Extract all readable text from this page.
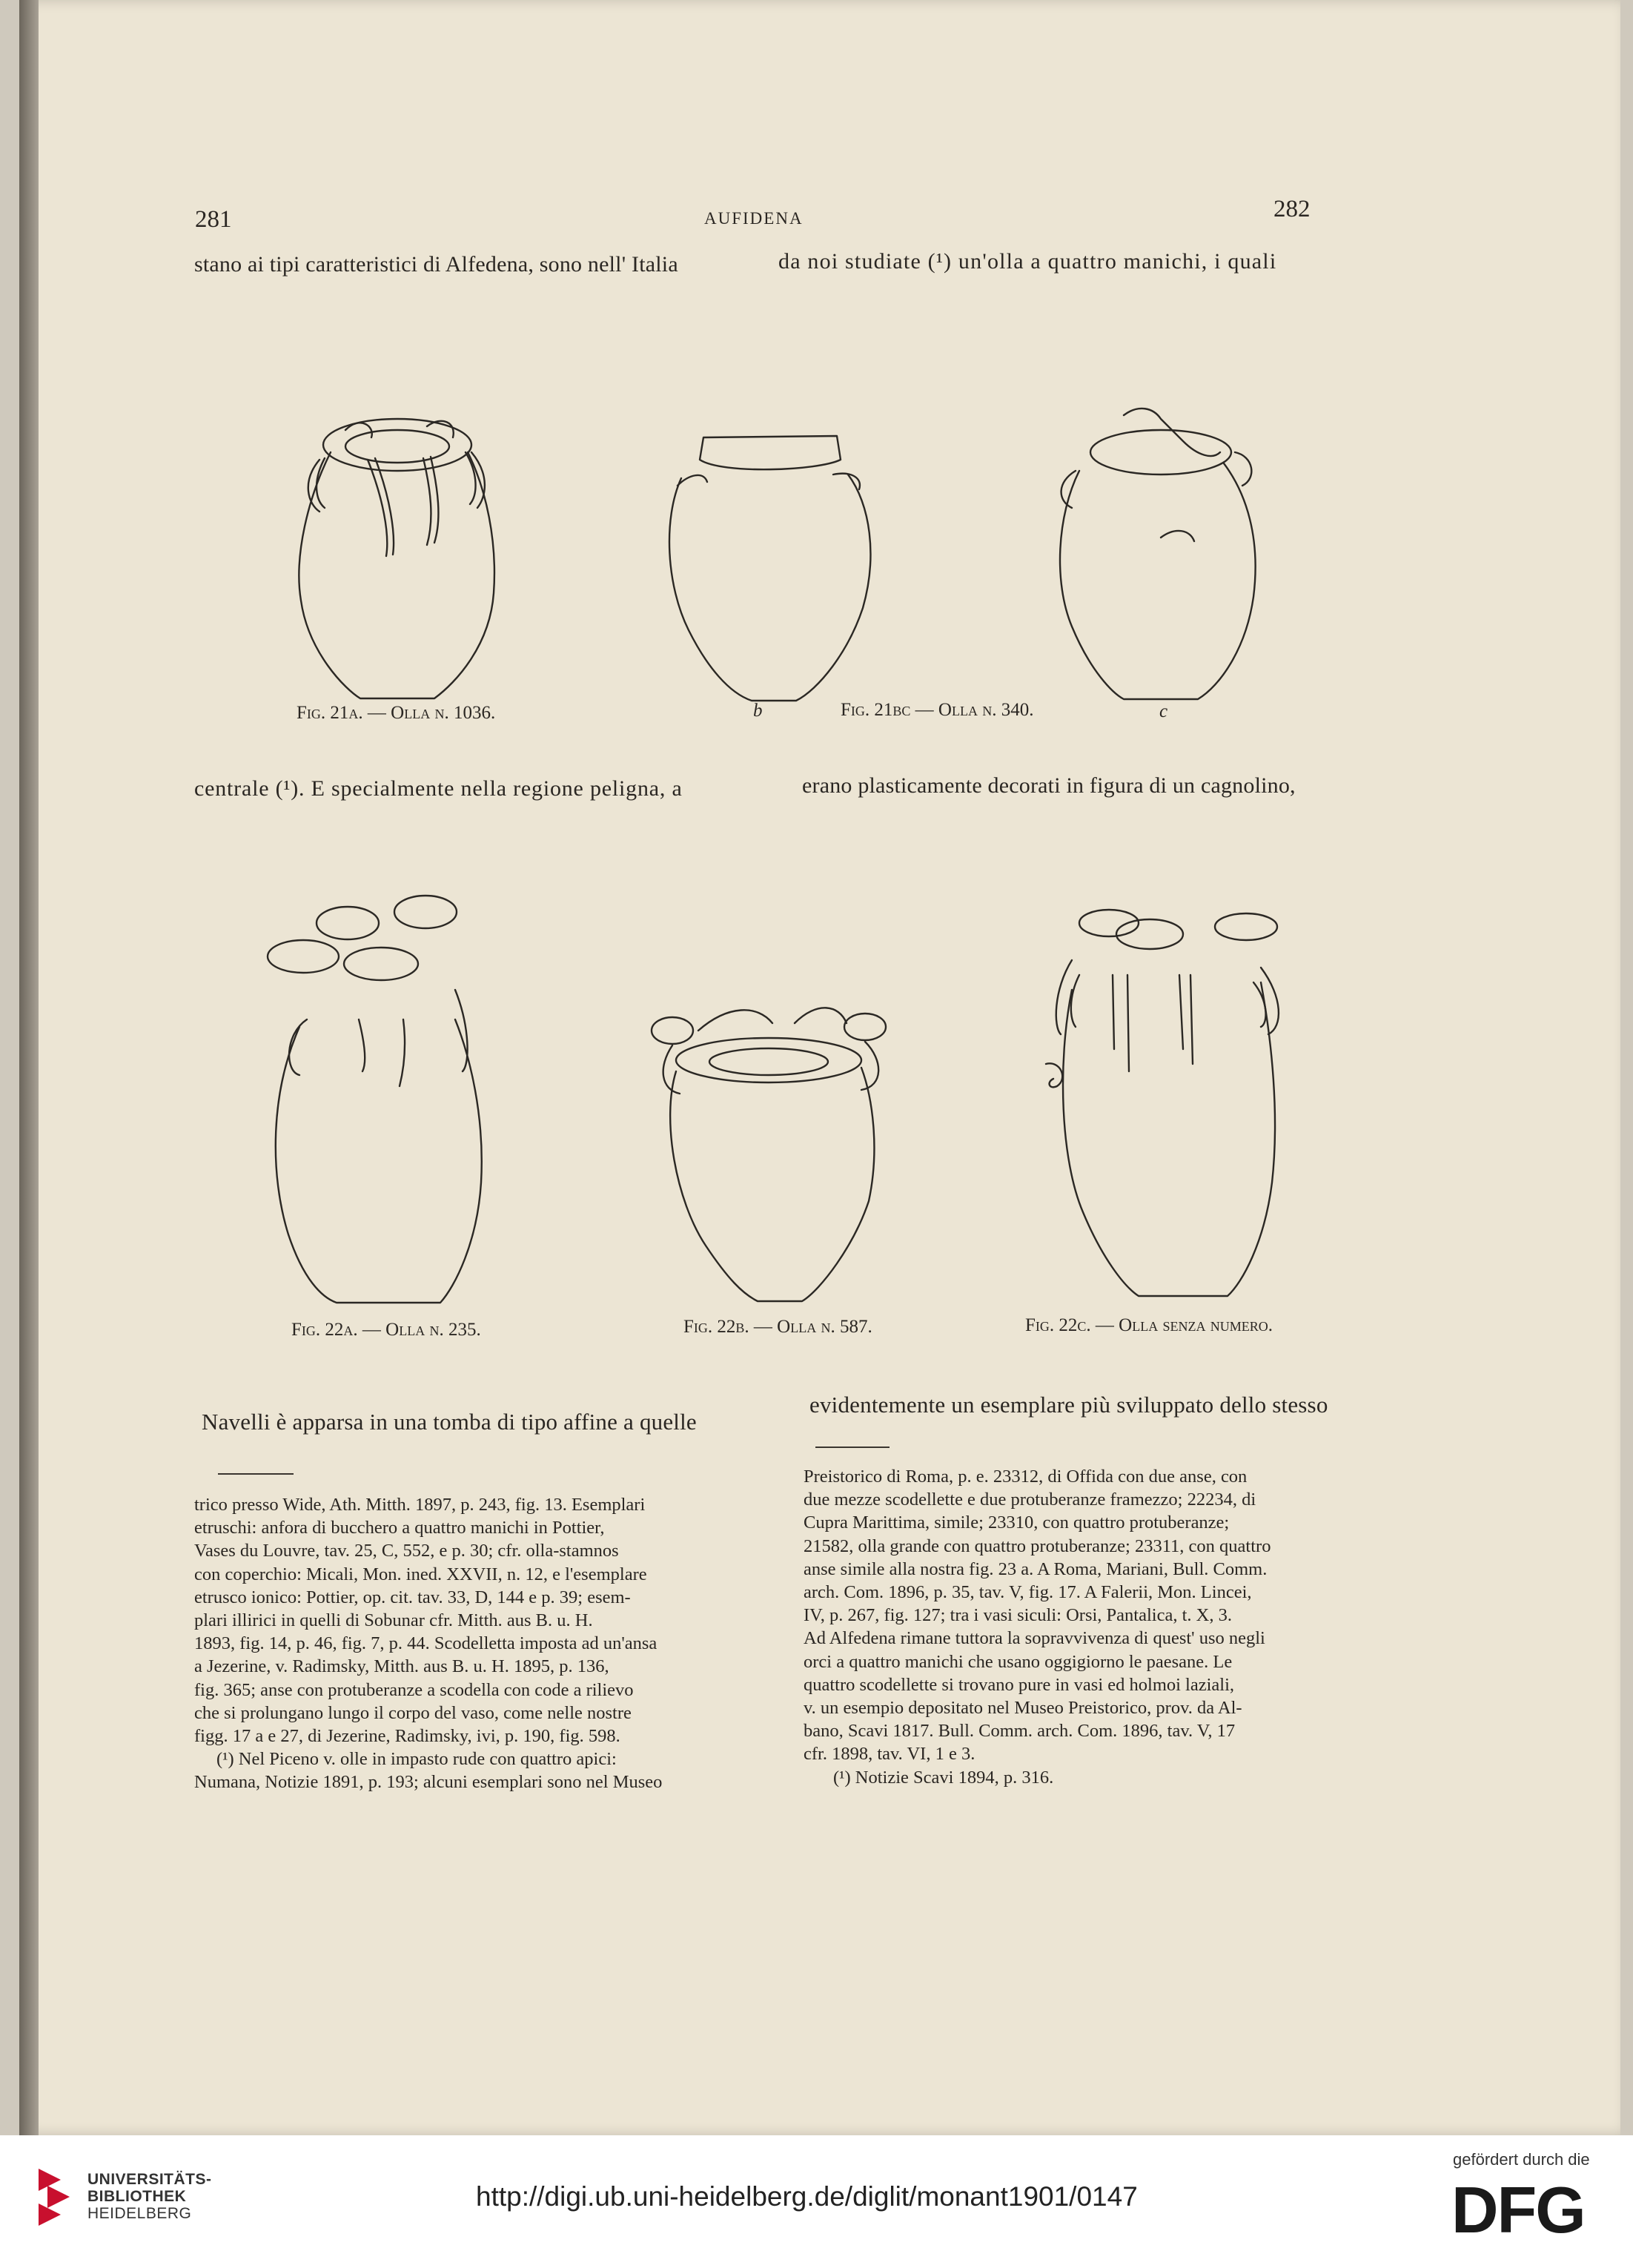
281	AUFIDENA	282
stano ai tipi caratteristici di Alfedena, sono nell' Italia	da noi studiate (¹) un'olla a quattro manichi, i quali
Fig. 21a. — Olla n. 1036.	b	Fig. 21bc — Olla n. 340.	c
centrale (¹). E specialmente nella regione peligna, a	erano plasticamente decorati in figura di un cagnolino,
Fig. 22a. — Olla n. 235.	Fig. 22b. — Olla n. 587.	Fig. 22c. — Olla senza numero.
Navelli è apparsa in una tomba di tipo affine a quelle
evidentemente un esemplare più sviluppato dello stesso
trico presso Wide, Ath. Mitth. 1897, p. 243, fig. 13. Esemplari
etruschi: anfora di bucchero a quattro manichi in Pottier,
Vases du Louvre, tav. 25, C, 552, e p. 30; cfr. olla-stamnos
con coperchio: Micali, Mon. ined. XXVII, n. 12, e l'esemplare
etrusco ionico: Pottier, op. cit. tav. 33, D, 144 e p. 39; esem-
plari illirici in quelli di Sobunar cfr. Mitth. aus B. u. H.
1893, fig. 14, p. 46, fig. 7, p. 44. Scodelletta imposta ad un'ansa
a Jezerine, v. Radimsky, Mitth. aus B. u. H. 1895, p. 136,
fig. 365; anse con protuberanze a scodella con code a rilievo
che si prolungano lungo il corpo del vaso, come nelle nostre
figg. 17 a e 27, di Jezerine, Radimsky, ivi, p. 190, fig. 598.
(¹) Nel Piceno v. olle in impasto rude con quattro apici:
Numana, Notizie 1891, p. 193; alcuni esemplari sono nel Museo
Preistorico di Roma, p. e. 23312, di Offida con due anse, con
due mezze scodellette e due protuberanze framezzo; 22234, di
Cupra Marittima, simile; 23310, con quattro protuberanze;
21582, olla grande con quattro protuberanze; 23311, con quattro
anse simile alla nostra fig. 23 a. A Roma, Mariani, Bull. Comm.
arch. Com. 1896, p. 35, tav. V, fig. 17. A Falerii, Mon. Lincei,
IV, p. 267, fig. 127; tra i vasi siculi: Orsi, Pantalica, t. X, 3.
Ad Alfedena rimane tuttora la sopravvivenza di quest' uso negli
orci a quattro manichi che usano oggigiorno le paesane. Le
quattro scodellette si trovano pure in vasi ed holmoi laziali,
v. un esempio depositato nel Museo Preistorico, prov. da Al-
bano, Scavi 1817. Bull. Comm. arch. Com. 1896, tav. V, 17
cfr. 1898, tav. VI, 1 e 3.
(¹) Notizie Scavi 1894, p. 316.
UNIVERSITÄTS-
BIBLIOTHEK
HEIDELBERG
http://digi.ub.uni-heidelberg.de/diglit/monant1901/0147
gefördert durch die
DFG
